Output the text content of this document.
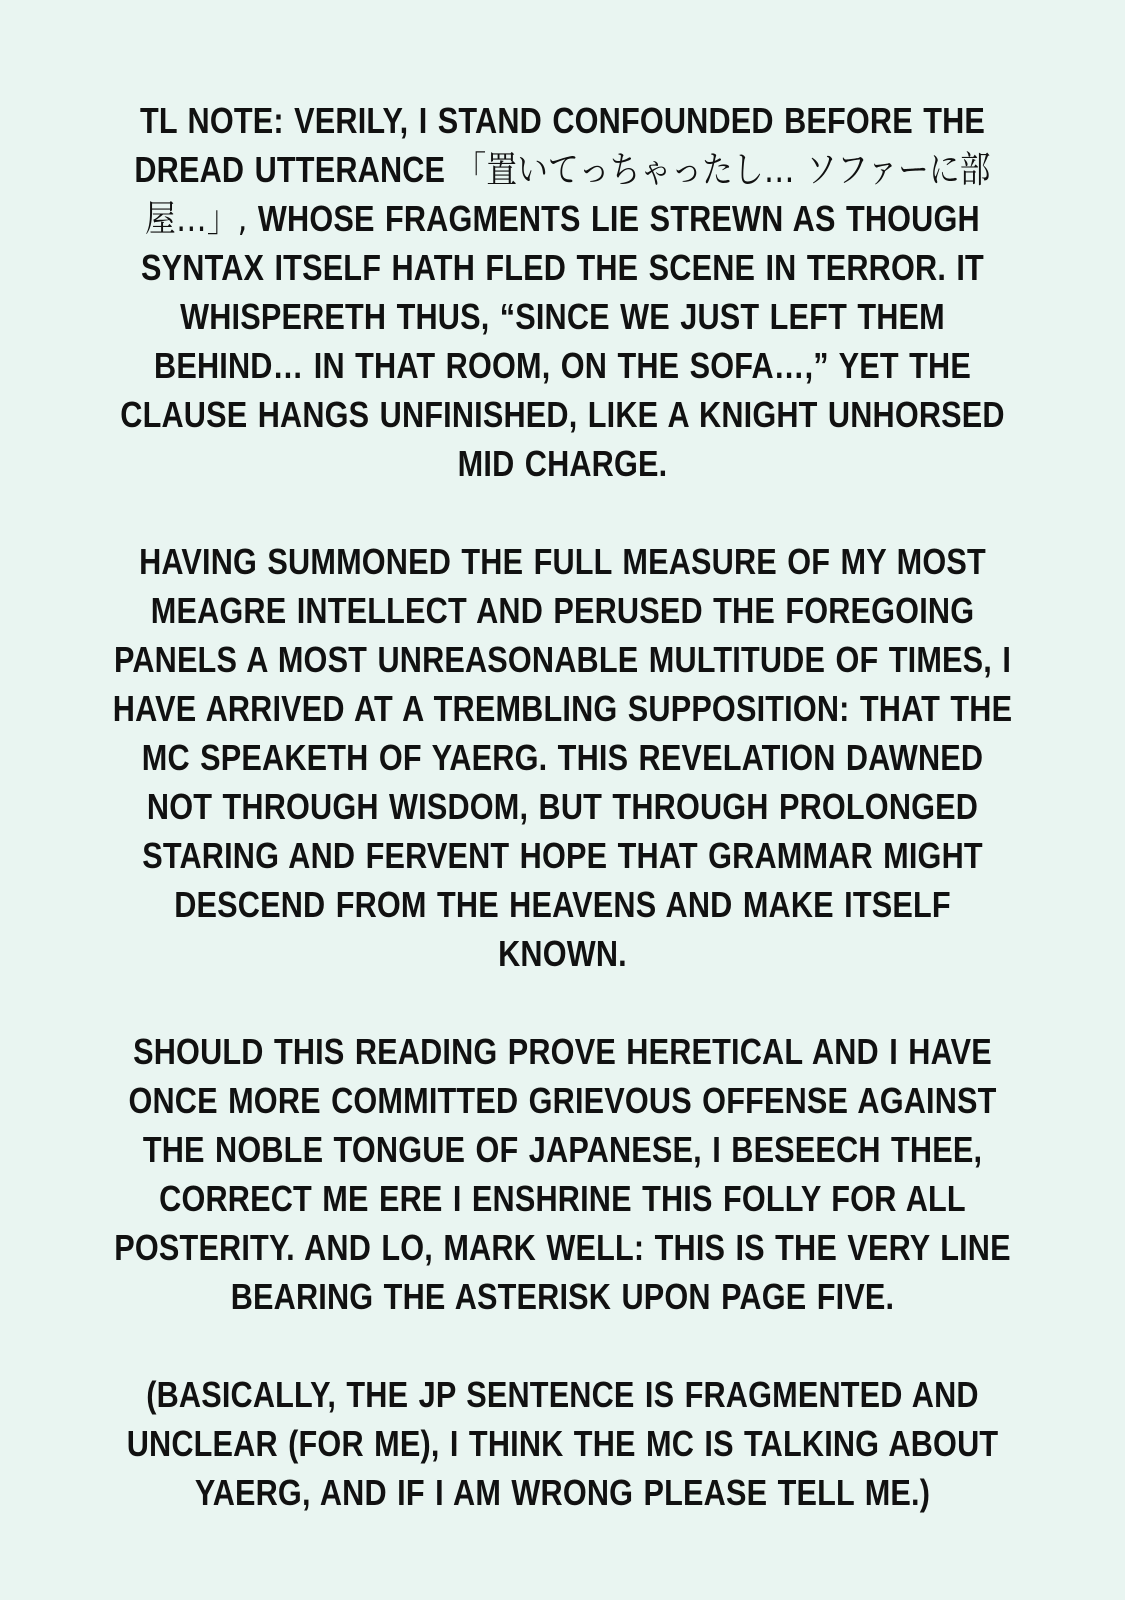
TL NOTE: VERILY, I STAND CONFOUNDED BEFORE THE DREAD UTTERANCE 「置いてっちゃったし… ソファーに部屋…」, WHOSE FRAGMENTS LIE STREWN AS THOUGH SYNTAX ITSELF HATH FLED THE SCENE IN TERROR. IT WHISPERETH THUS, “SINCE WE JUST LEFT THEM BEHIND… IN THAT ROOM, ON THE SOFA…,” YET THE CLAUSE HANGS UNFINISHED, LIKE A KNIGHT UNHORSED MID CHARGE.

HAVING SUMMONED THE FULL MEASURE OF MY MOST MEAGRE INTELLECT AND PERUSED THE FOREGOING PANELS A MOST UNREASONABLE MULTITUDE OF TIMES, I HAVE ARRIVED AT A TREMBLING SUPPOSITION: THAT THE MC SPEAKETH OF YAERG. THIS REVELATION DAWNED NOT THROUGH WISDOM, BUT THROUGH PROLONGED STARING AND FERVENT HOPE THAT GRAMMAR MIGHT DESCEND FROM THE HEAVENS AND MAKE ITSELF KNOWN.

SHOULD THIS READING PROVE HERETICAL AND I HAVE ONCE MORE COMMITTED GRIEVOUS OFFENSE AGAINST THE NOBLE TONGUE OF JAPANESE, I BESEECH THEE, CORRECT ME ERE I ENSHRINE THIS FOLLY FOR ALL POSTERITY. AND LO, MARK WELL: THIS IS THE VERY LINE BEARING THE ASTERISK UPON PAGE FIVE.

(BASICALLY, THE JP SENTENCE IS FRAGMENTED AND UNCLEAR (FOR ME), I THINK THE MC IS TALKING ABOUT YAERG, AND IF I AM WRONG PLEASE TELL ME.)
